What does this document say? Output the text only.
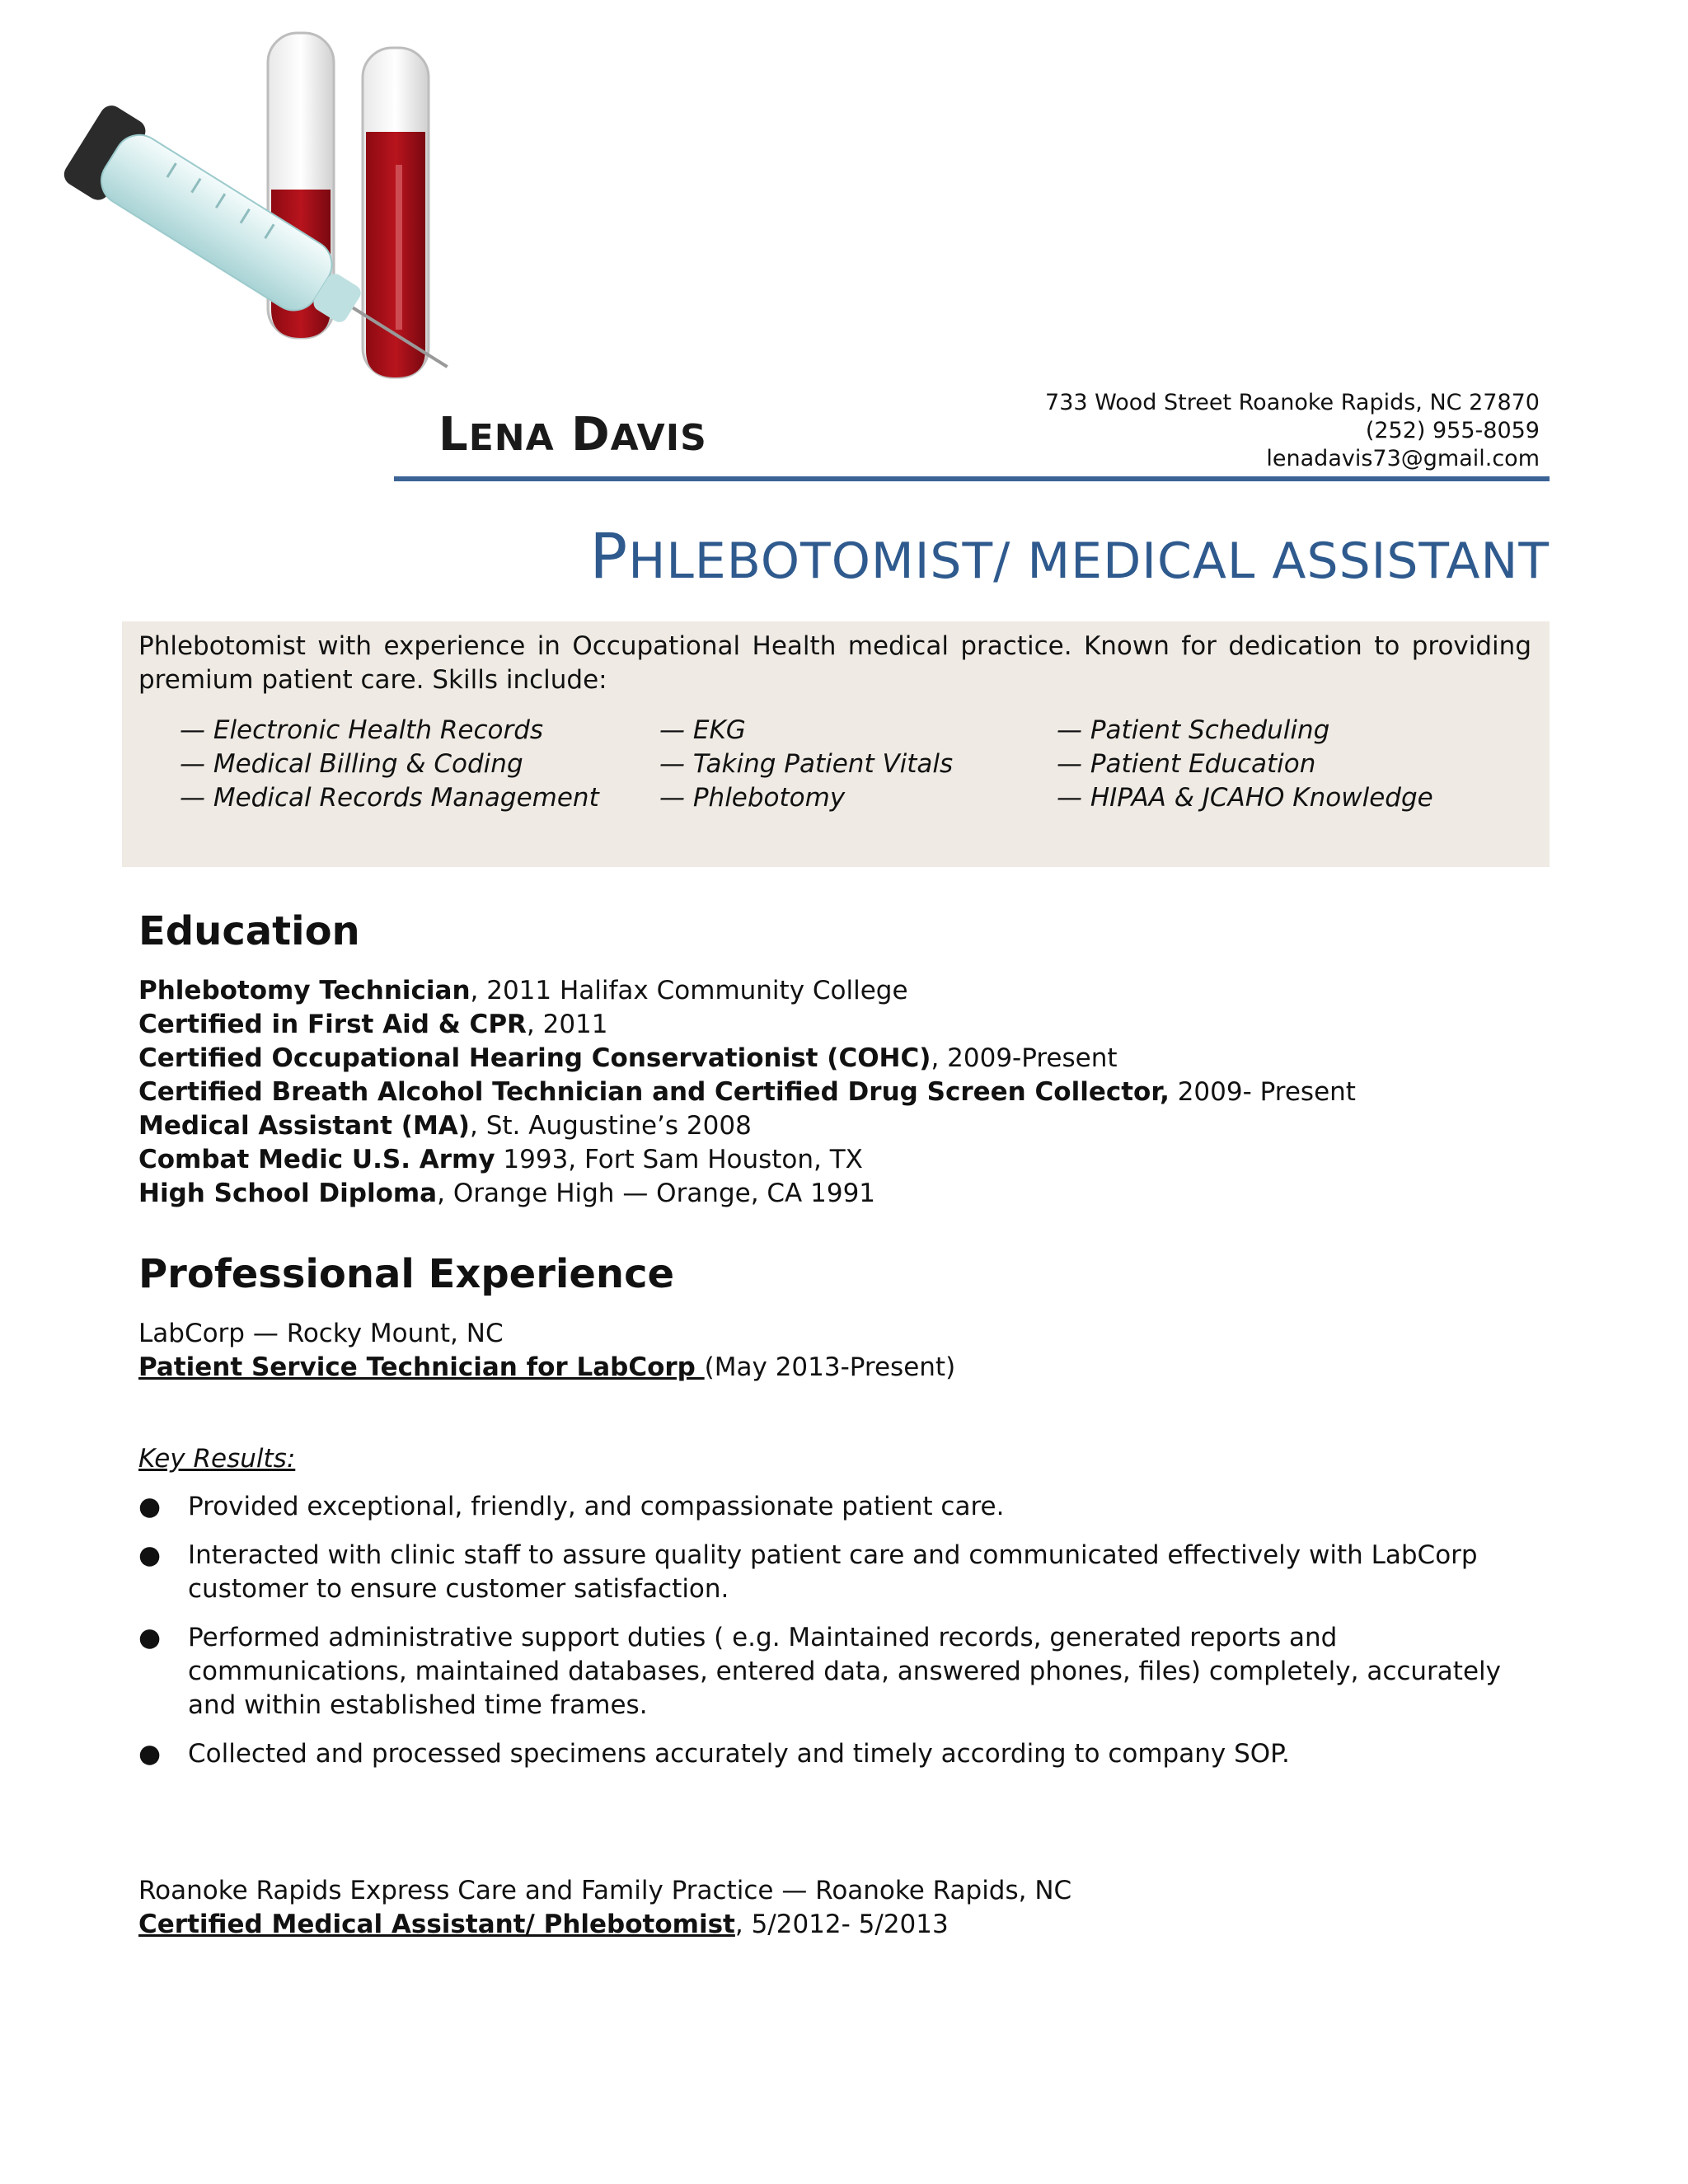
LENA DAVIS
733 Wood Street Roanoke Rapids, NC 27870
(252) 955-8059
lenadavis73@gmail.com
PHLEBOTOMIST/ MEDICAL ASSISTANT
Phlebotomist with experience in Occupational Health medical practice. Known for dedication to providing premium patient care. Skills include:
— Electronic Health Records
— Medical Billing & Coding
— Medical Records Management
— EKG
— Taking Patient Vitals
— Phlebotomy
— Patient Scheduling
— Patient Education
— HIPAA & JCAHO Knowledge
Education
Phlebotomy Technician, 2011 Halifax Community College
Certified in First Aid & CPR, 2011
Certified Occupational Hearing Conservationist (COHC), 2009-Present
Certified Breath Alcohol Technician and Certified Drug Screen Collector, 2009- Present
Medical Assistant (MA), St. Augustine’s 2008
Combat Medic U.S. Army 1993, Fort Sam Houston, TX
High School Diploma, Orange High — Orange, CA 1991
Professional Experience
LabCorp — Rocky Mount, NC
Patient Service Technician for LabCorp (May 2013-Present)
Key Results:
●	Provided exceptional, friendly, and compassionate patient care.
●	Interacted with clinic staff to assure quality patient care and communicated effectively with LabCorp customer to ensure customer satisfaction.
●	Performed administrative support duties ( e.g. Maintained records, generated reports and communications, maintained databases, entered data, answered phones, files) completely, accurately and within established time frames.
●	Collected and processed specimens accurately and timely according to company SOP.
Roanoke Rapids Express Care and Family Practice — Roanoke Rapids, NC
Certified Medical Assistant/ Phlebotomist, 5/2012- 5/2013
